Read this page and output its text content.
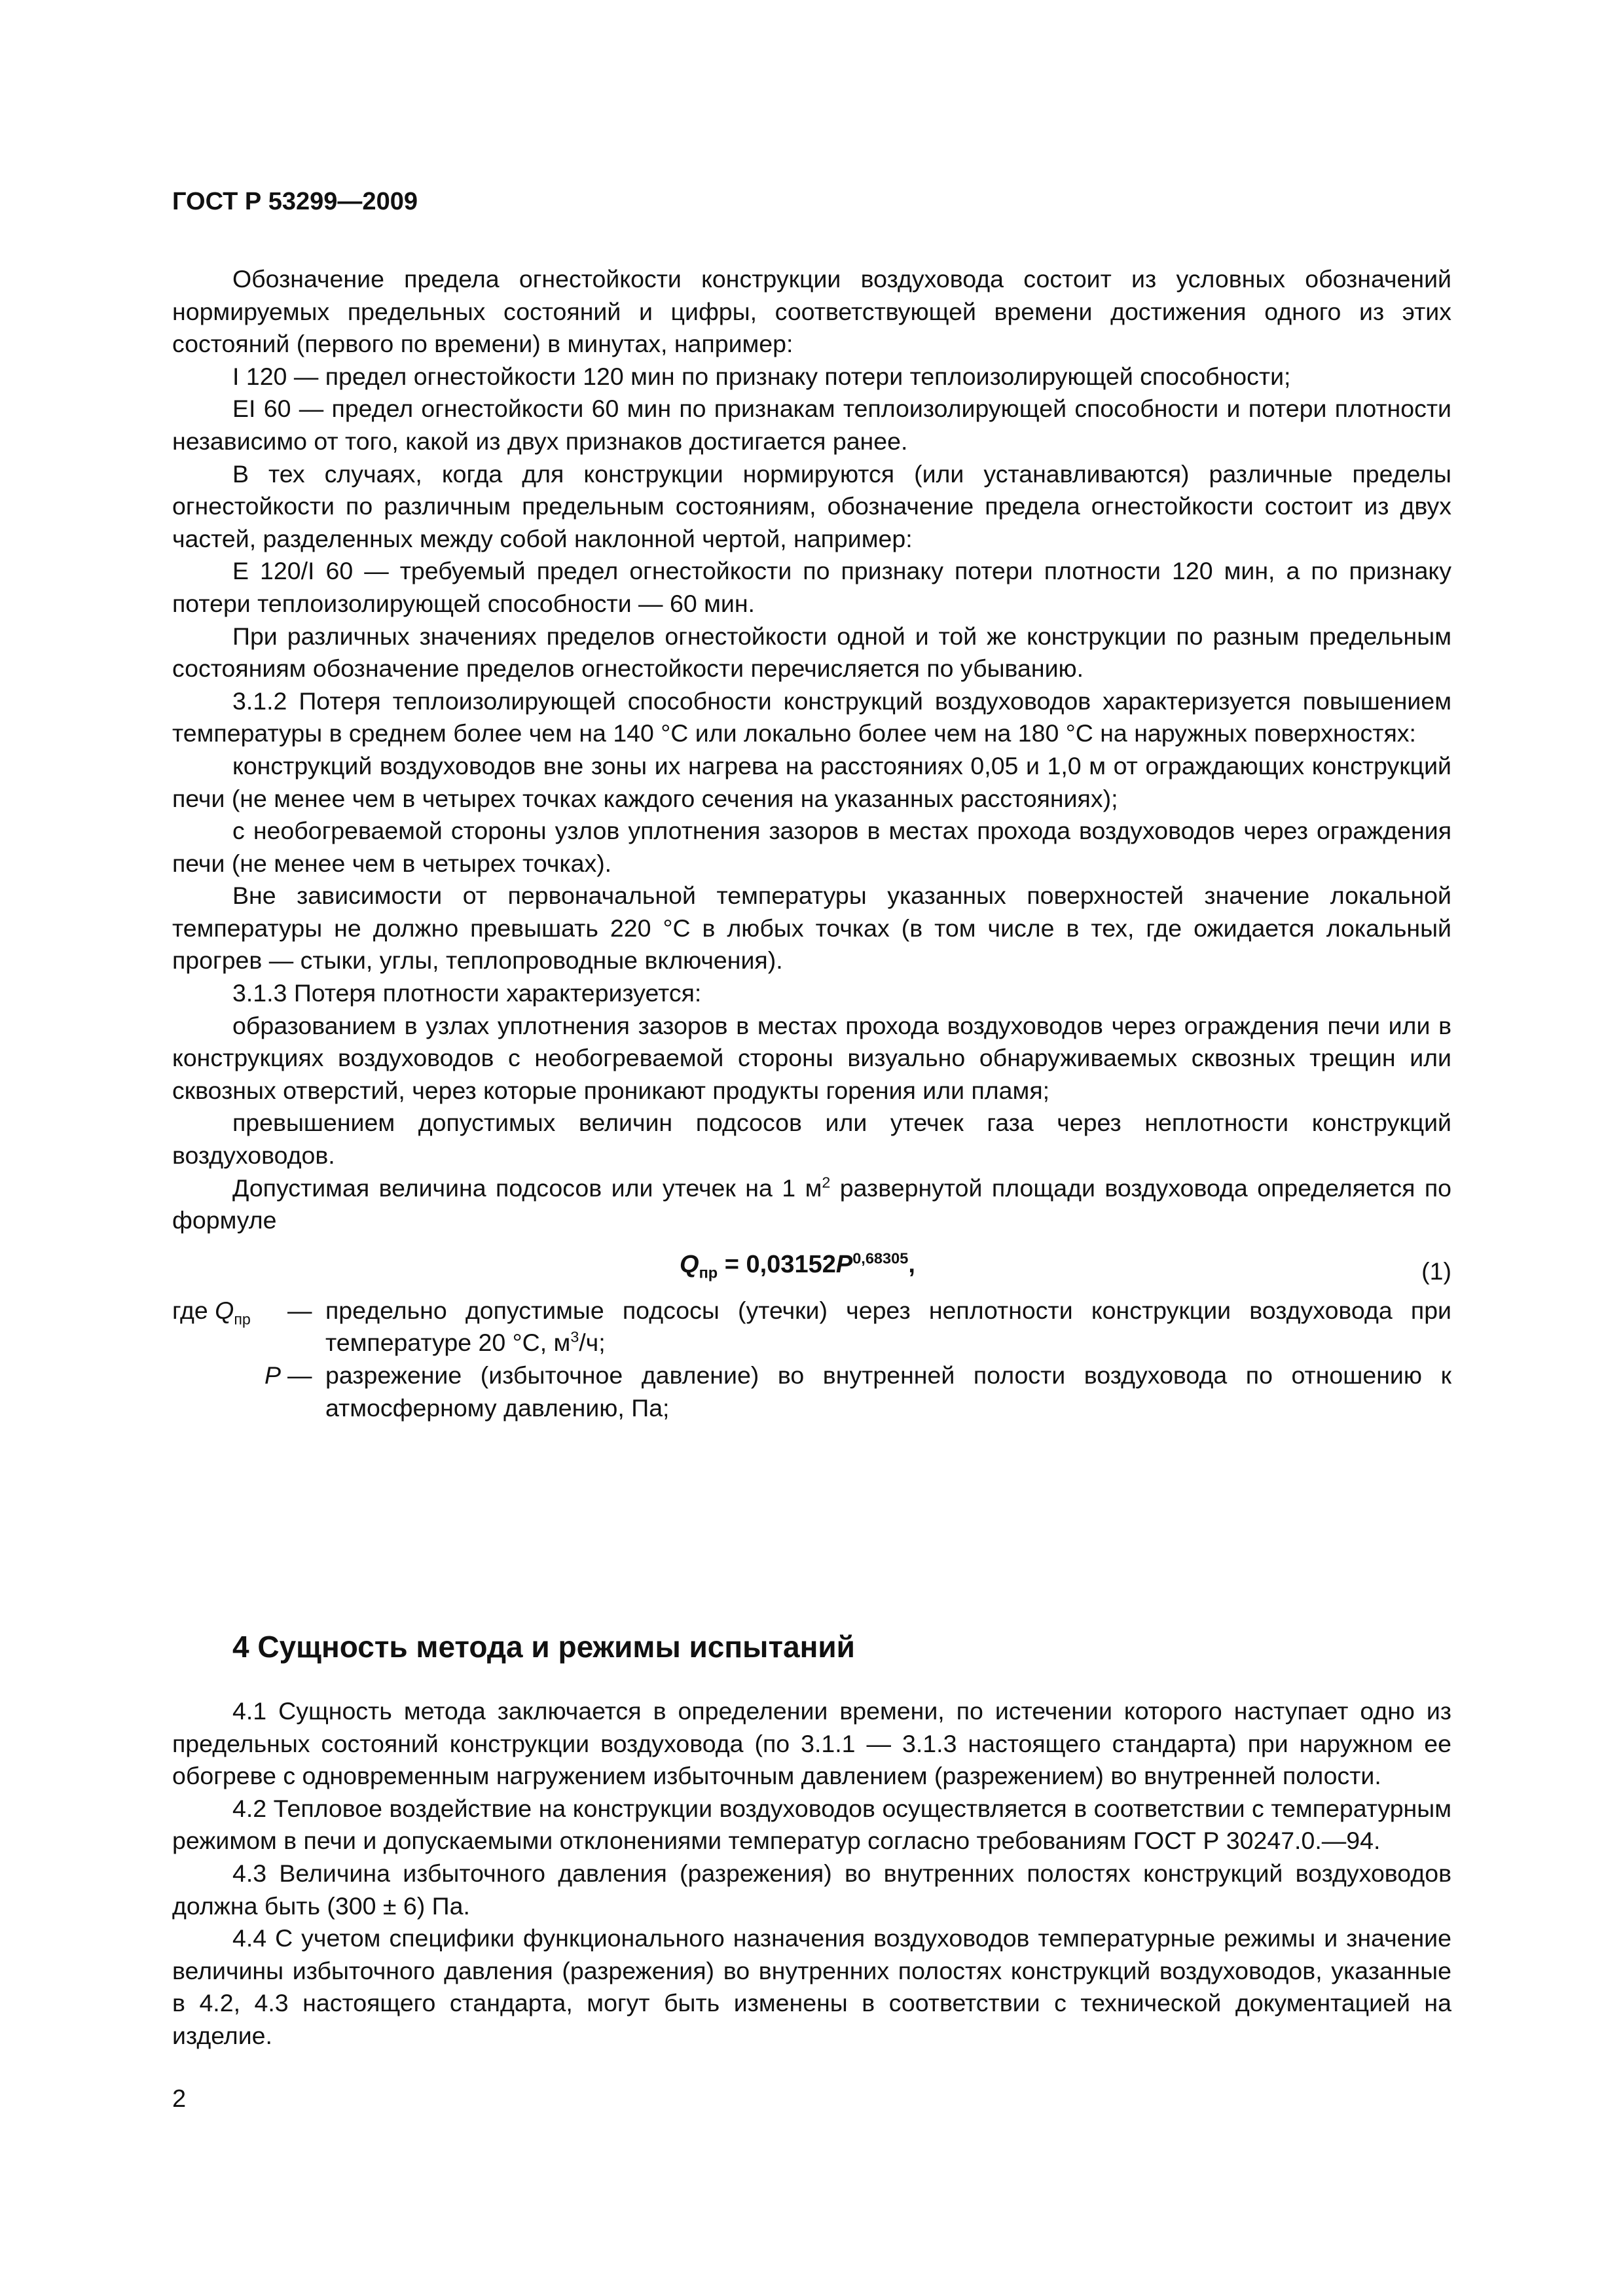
ГОСТ Р 53299—2009

Обозначение предела огнестойкости конструкции воздуховода состоит из условных обозначений нормируемых предельных состояний и цифры, соответствующей времени достижения одного из этих состояний (первого по времени) в минутах, например:

I 120 — предел огнестойкости 120 мин по признаку потери теплоизолирующей способности;

EI 60 — предел огнестойкости 60 мин по признакам теплоизолирующей способности и потери плотности независимо от того, какой из двух признаков достигается ранее.

В тех случаях, когда для конструкции нормируются (или устанавливаются) различные пределы огнестойкости по различным предельным состояниям, обозначение предела огнестойкости состоит из двух частей, разделенных между собой наклонной чертой, например:

E 120/I 60 — требуемый предел огнестойкости по признаку потери плотности 120 мин, а по признаку потери теплоизолирующей способности — 60 мин.

При различных значениях пределов огнестойкости одной и той же конструкции по разным предельным состояниям обозначение пределов огнестойкости перечисляется по убыванию.

3.1.2 Потеря теплоизолирующей способности конструкций воздуховодов характеризуется повышением температуры в среднем более чем на 140 °С или локально более чем на 180 °С на наружных поверхностях:

конструкций воздуховодов вне зоны их нагрева на расстояниях 0,05 и 1,0 м от ограждающих конструкций печи (не менее чем в четырех точках каждого сечения на указанных расстояниях);

с необогреваемой стороны узлов уплотнения зазоров в местах прохода воздуховодов через ограждения печи (не менее чем в четырех точках).

Вне зависимости от первоначальной температуры указанных поверхностей значение локальной температуры не должно превышать 220 °С в любых точках (в том числе в тех, где ожидается локальный прогрев — стыки, углы, теплопроводные включения).

3.1.3 Потеря плотности характеризуется:

образованием в узлах уплотнения зазоров в местах прохода воздуховодов через ограждения печи или в конструкциях воздуховодов с необогреваемой стороны визуально обнаруживаемых сквозных трещин или сквозных отверстий, через которые проникают продукты горения или пламя;

превышением допустимых величин подсосов или утечек газа через неплотности конструкций воздуховодов.

Допустимая величина подсосов или утечек на 1 $м^2$ развернутой площади воздуховода определяется по формуле

$Q_{пр} = 0,03152P^{0,68305}$,	(1)
где $Q_{пр}$	— предельно допустимые подсосы (утечки) через неплотности конструкции воздуховода при температуре 20 °С, $м^3/ч$;
P — разрежение (избыточное давление) во внутренней полости воздуховода по отношению к атмосферному давлению, Па;
4 Сущность метода и режимы испытаний

4.1 Сущность метода заключается в определении времени, по истечении которого наступает одно из предельных состояний конструкции воздуховода (по 3.1.1 — 3.1.3 настоящего стандарта) при наружном ее обогреве с одновременным нагружением избыточным давлением (разрежением) во внутренней полости.

4.2 Тепловое воздействие на конструкции воздуховодов осуществляется в соответствии с температурным режимом в печи и допускаемыми отклонениями температур согласно требованиям ГОСТ Р 30247.0.—94.

4.3 Величина избыточного давления (разрежения) во внутренних полостях конструкций воздуховодов должна быть (300 ± 6) Па.

4.4 С учетом специфики функционального назначения воздуховодов температурные режимы и значение величины избыточного давления (разрежения) во внутренних полостях конструкций воздуховодов, указанные в 4.2, 4.3 настоящего стандарта, могут быть изменены в соответствии с технической документацией на изделие.

2
